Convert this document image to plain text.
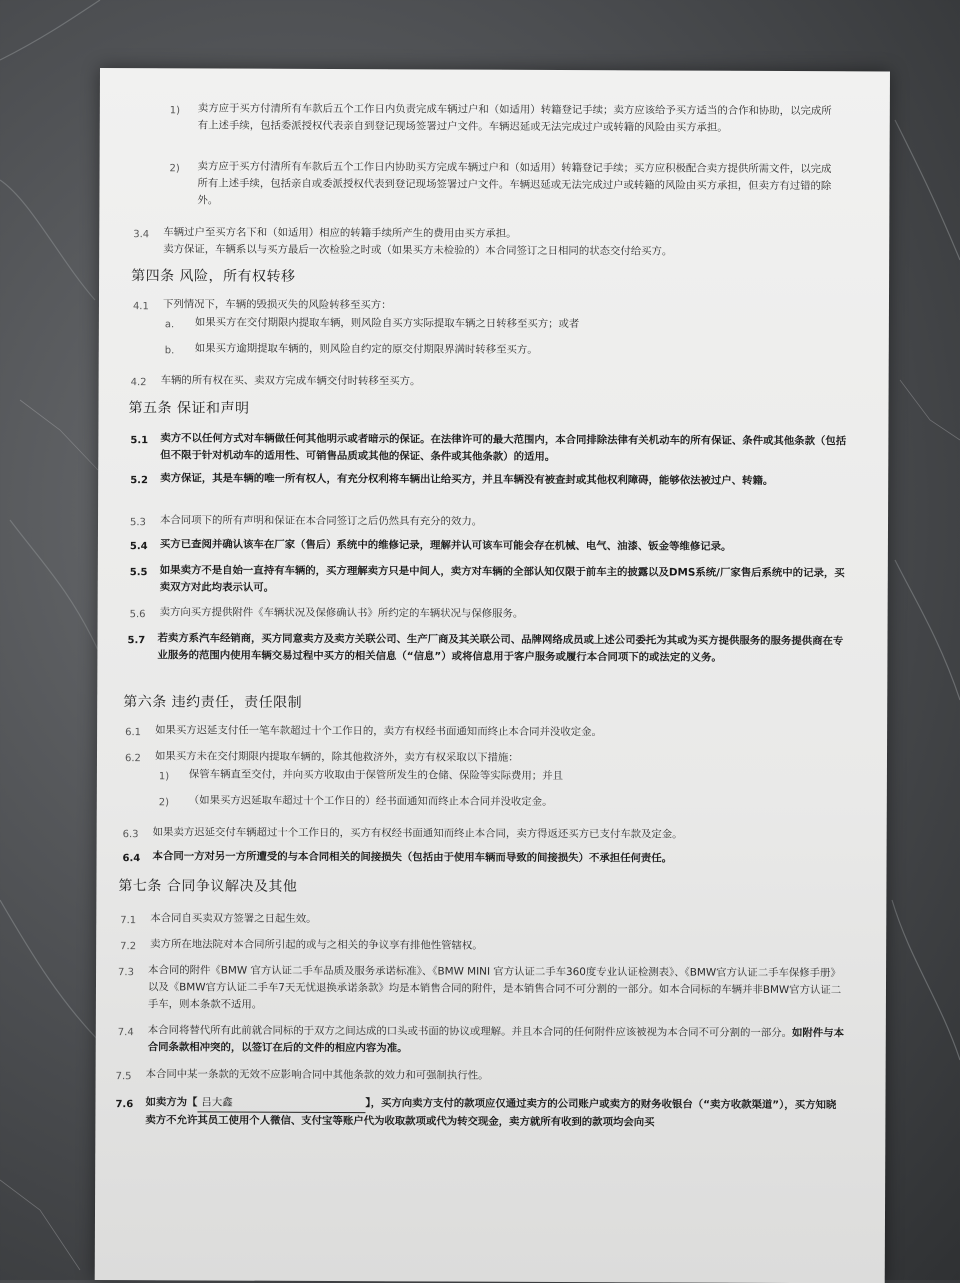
1) 卖方应于买方付清所有车款后五个工作日内负责完成车辆过户和（如适用）转籍登记手续；卖方应该给予买方适当的合作和协助，以完成所有上述手续，包括委派授权代表亲自到登记现场签署过户文件。车辆迟延或无法完成过户或转籍的风险由买方承担。
2) 卖方应于买方付清所有车款后五个工作日内协助买方完成车辆过户和（如适用）转籍登记手续；买方应积极配合卖方提供所需文件，以完成所有上述手续，包括亲自或委派授权代表到登记现场签署过户文件。车辆迟延或无法完成过户或转籍的风险由买方承担，但卖方有过错的除外。
3.4 车辆过户至买方名下和（如适用）相应的转籍手续所产生的费用由买方承担。
卖方保证，车辆系以与买方最后一次检验之时或（如果买方未检验的）本合同签订之日相同的状态交付给买方。
第四条 风险，所有权转移
4.1 下列情况下，车辆的毁损灭失的风险转移至买方：
a. 如果买方在交付期限内提取车辆，则风险自买方实际提取车辆之日转移至买方；或者
b. 如果买方逾期提取车辆的，则风险自约定的原交付期限界满时转移至买方。
4.2 车辆的所有权在买、卖双方完成车辆交付时转移至买方。
第五条 保证和声明
5.1 卖方不以任何方式对车辆做任何其他明示或者暗示的保证。在法律许可的最大范围内，本合同排除法律有关机动车的所有保证、条件或其他条款（包括但不限于针对机动车的适用性、可销售品质或其他的保证、条件或其他条款）的适用。
5.2 卖方保证，其是车辆的唯一所有权人，有充分权利将车辆出让给买方，并且车辆没有被查封或其他权利障碍，能够依法被过户、转籍。
5.3 本合同项下的所有声明和保证在本合同签订之后仍然具有充分的效力。
5.4 买方已查阅并确认该车在厂家（售后）系统中的维修记录，理解并认可该车可能会存在机械、电气、油漆、钣金等维修记录。
5.5 如果卖方不是自始一直持有车辆的，买方理解卖方只是中间人，卖方对车辆的全部认知仅限于前车主的披露以及DMS系统/厂家售后系统中的记录，买卖双方对此均表示认可。
5.6 卖方向买方提供附件《车辆状况及保修确认书》所约定的车辆状况与保修服务。
5.7 若卖方系汽车经销商，买方同意卖方及卖方关联公司、生产厂商及其关联公司、品牌网络成员或上述公司委托为其或为买方提供服务的服务提供商在专业服务的范围内使用车辆交易过程中买方的相关信息（“信息”）或将信息用于客户服务或履行本合同项下的或法定的义务。
第六条 违约责任，责任限制
6.1 如果买方迟延支付任一笔车款超过十个工作日的，卖方有权经书面通知而终止本合同并没收定金。
6.2 如果买方未在交付期限内提取车辆的，除其他救济外，卖方有权采取以下措施：
1) 保管车辆直至交付，并向买方收取由于保管所发生的仓储、保险等实际费用；并且
2) （如果买方迟延取车超过十个工作日的）经书面通知而终止本合同并没收定金。
6.3 如果卖方迟延交付车辆超过十个工作日的，买方有权经书面通知而终止本合同，卖方得返还买方已支付车款及定金。
6.4 本合同一方对另一方所遭受的与本合同相关的间接损失（包括由于使用车辆而导致的间接损失）不承担任何责任。
第七条 合同争议解决及其他
7.1 本合同自买卖双方签署之日起生效。
7.2 卖方所在地法院对本合同所引起的或与之相关的争议享有排他性管辖权。
7.3 本合同的附件《BMW 官方认证二手车品质及服务承诺标准》、《BMW MINI 官方认证二手车360度专业认证检测表》、《BMW官方认证二手车保修手册》以及《BMW官方认证二手车7天无忧退换承诺条款》均是本销售合同的附件，是本销售合同不可分割的一部分。如本合同标的车辆并非BMW官方认证二手车，则本条款不适用。
7.4 本合同将替代所有此前就合同标的于双方之间达成的口头或书面的协议或理解。并且本合同的任何附件应该被视为本合同不可分割的一部分。如附件与本合同条款相冲突的，以签订在后的文件的相应内容为准。
7.5 本合同中某一条款的无效不应影响合同中其他条款的效力和可强制执行性。
7.6 如卖方为【 吕大鑫	】，买方向卖方支付的款项应仅通过卖方的公司账户或卖方的财务收银台（“卖方收款渠道”），买方知晓卖方不允许其员工使用个人微信、支付宝等账户代为收取款项或代为转交现金，卖方就所有收到的款项均会向买
